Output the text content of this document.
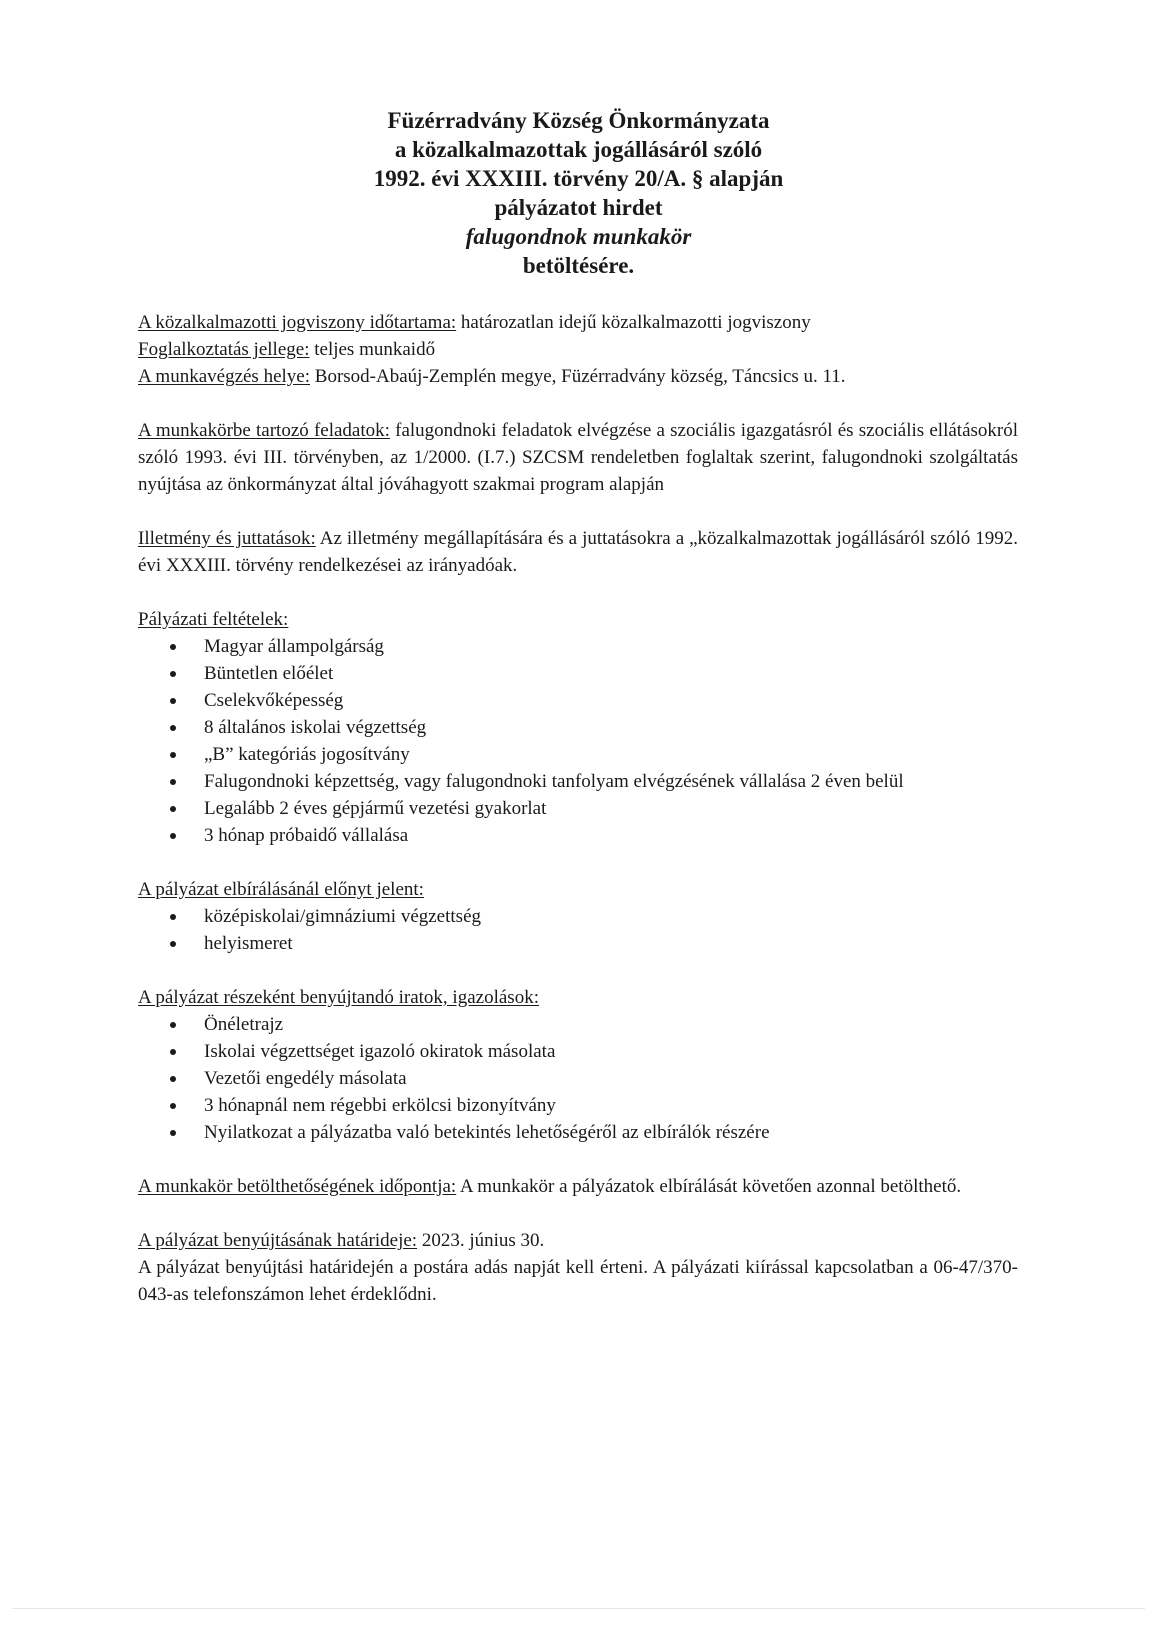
Füzérradvány Község Önkormányzata
a közalkalmazottak jogállásáról szóló
1992. évi XXXIII. törvény 20/A. § alapján
pályázatot hirdet
falugondnok munkakör
betöltésére.

A közalkalmazotti jogviszony időtartama: határozatlan idejű közalkalmazotti jogviszony

Foglalkoztatás jellege: teljes munkaidő

A munkavégzés helye: Borsod-Abaúj-Zemplén megye, Füzérradvány község, Táncsics u. 11.

A munkakörbe tartozó feladatok: falugondnoki feladatok elvégzése a szociális igazgatásról és szociális ellátásokról szóló 1993. évi III. törvényben, az 1/2000. (I.7.) SZCSM rendeletben foglaltak szerint, falugondnoki szolgáltatás nyújtása az önkormányzat által jóváhagyott szakmai program alapján

Illetmény és juttatások: Az illetmény megállapítására és a juttatásokra a „közalkalmazottak jogállásáról szóló 1992. évi XXXIII. törvény rendelkezései az irányadóak.

Pályázati feltételek:

Magyar állampolgárság
Büntetlen előélet
Cselekvőképesség
8 általános iskolai végzettség
„B” kategóriás jogosítvány
Falugondnoki képzettség, vagy falugondnoki tanfolyam elvégzésének vállalása 2 éven belül
Legalább 2 éves gépjármű vezetési gyakorlat
3 hónap próbaidő vállalása

A pályázat elbírálásánál előnyt jelent:

középiskolai/gimnáziumi végzettség
helyismeret

A pályázat részeként benyújtandó iratok, igazolások:

Önéletrajz
Iskolai végzettséget igazoló okiratok másolata
Vezetői engedély másolata
3 hónapnál nem régebbi erkölcsi bizonyítvány
Nyilatkozat a pályázatba való betekintés lehetőségéről az elbírálók részére

A munkakör betölthetőségének időpontja: A munkakör a pályázatok elbírálását követően azonnal betölthető.

A pályázat benyújtásának határideje: 2023. június 30.

A pályázat benyújtási határidején a postára adás napját kell érteni. A pályázati kiírással kapcsolatban a 06-47/370-043-as telefonszámon lehet érdeklődni.
